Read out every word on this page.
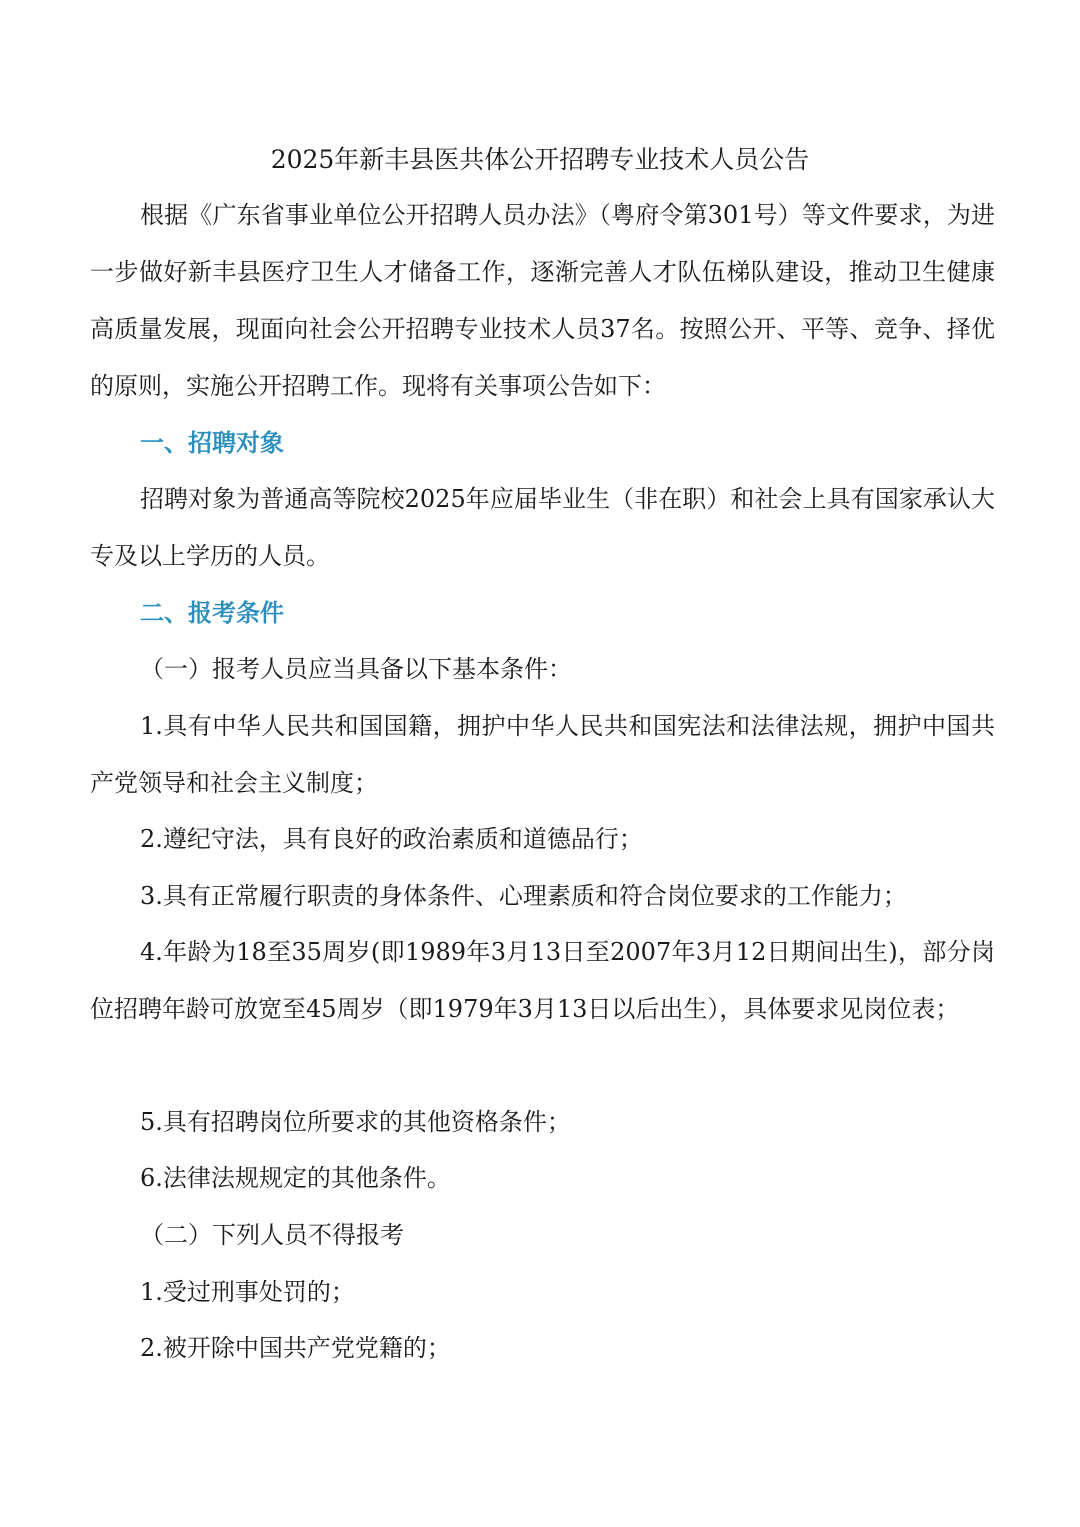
2025年新丰县医共体公开招聘专业技术人员公告

根据《广东省事业单位公开招聘人员办法》（粤府令第301号）等文件要求，为进一步做好新丰县医疗卫生人才储备工作，逐渐完善人才队伍梯队建设，推动卫生健康高质量发展，现面向社会公开招聘专业技术人员37名。按照公开、平等、竞争、择优的原则，实施公开招聘工作。现将有关事项公告如下：

一、招聘对象

招聘对象为普通高等院校2025年应届毕业生（非在职）和社会上具有国家承认大专及以上学历的人员。

二、报考条件

（一）报考人员应当具备以下基本条件：

1.具有中华人民共和国国籍，拥护中华人民共和国宪法和法律法规，拥护中国共产党领导和社会主义制度；

2.遵纪守法，具有良好的政治素质和道德品行；

3.具有正常履行职责的身体条件、心理素质和符合岗位要求的工作能力；

4.年龄为18至35周岁(即1989年3月13日至2007年3月12日期间出生)，部分岗位招聘年龄可放宽至45周岁（即1979年3月13日以后出生），具体要求见岗位表；

5.具有招聘岗位所要求的其他资格条件；

6.法律法规规定的其他条件。

（二）下列人员不得报考

1.受过刑事处罚的；

2.被开除中国共产党党籍的；
